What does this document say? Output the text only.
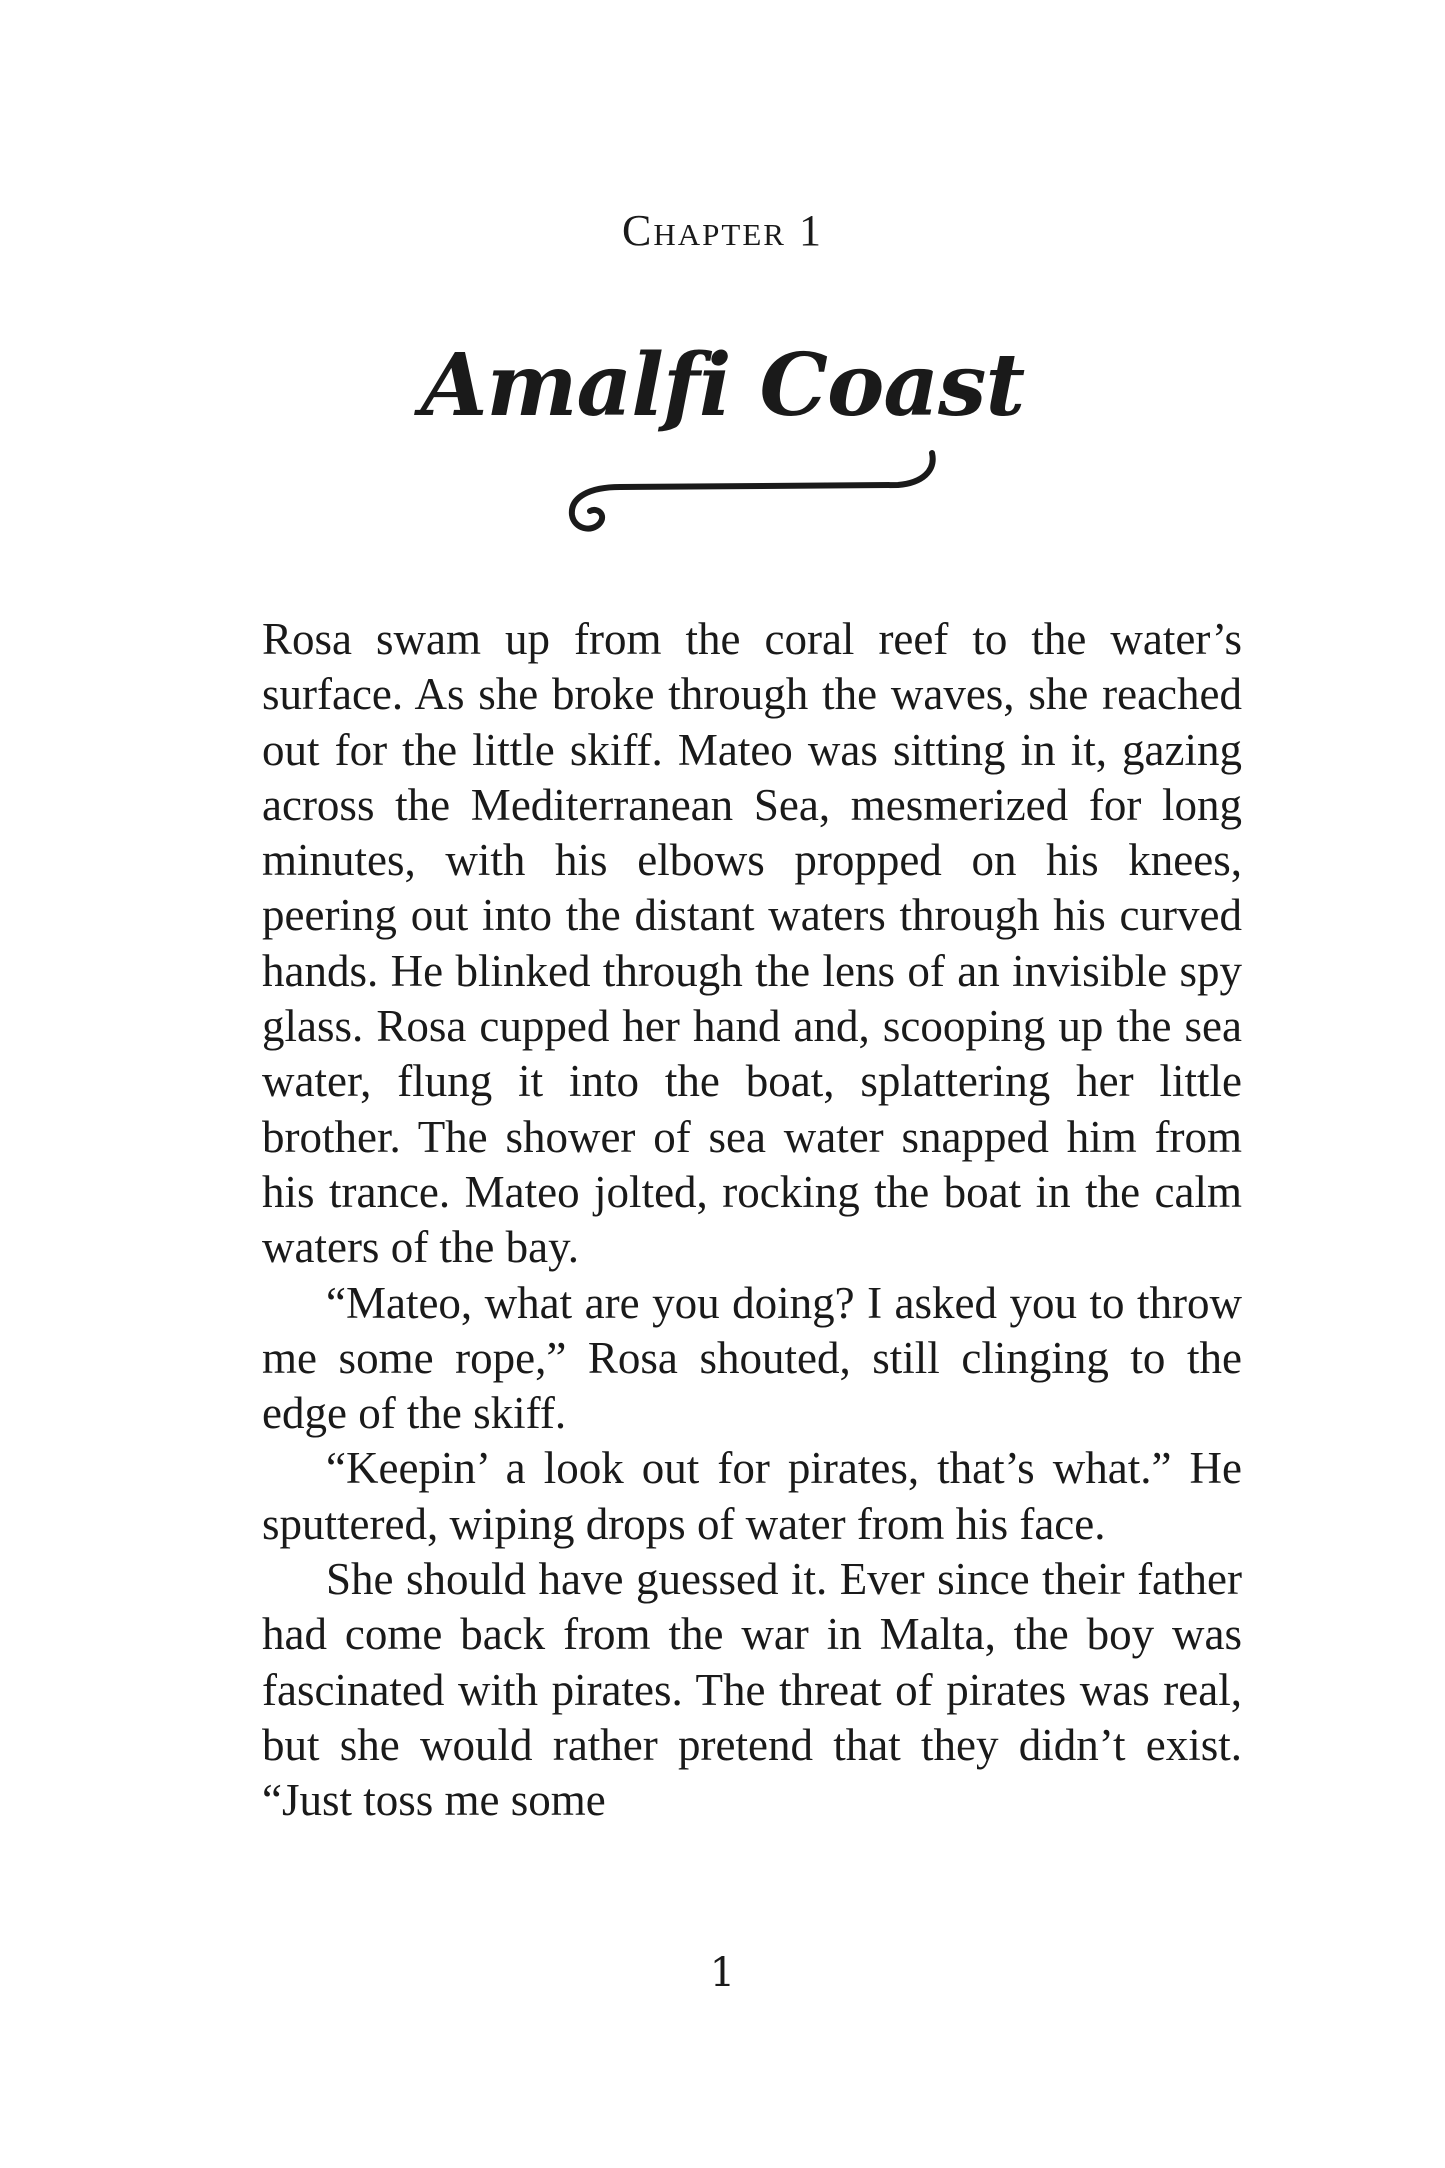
Chapter 1
Amalfi Coast

Rosa swam up from the coral reef to the water’s surface. As she broke through the waves, she reached out for the little skiff. Mateo was sitting in it, gazing across the Mediterranean Sea, mesmerized for long minutes, with his elbows propped on his knees, peering out into the distant waters through his curved hands. He blinked through the lens of an invisible spy glass. Rosa cupped her hand and, scooping up the sea water, flung it into the boat, splattering her little brother. The shower of sea water snapped him from his trance. Mateo jolted, rocking the boat in the calm waters of the bay.

“Mateo, what are you doing? I asked you to throw me some rope,” Rosa shouted, still clinging to the edge of the skiff.

“Keepin’ a look out for pirates, that’s what.” He sputtered, wiping drops of water from his face.

She should have guessed it. Ever since their father had come back from the war in Malta, the boy was fascinated with pirates. The threat of pirates was real, but she would rather pretend that they didn’t exist. “Just toss me some

1
